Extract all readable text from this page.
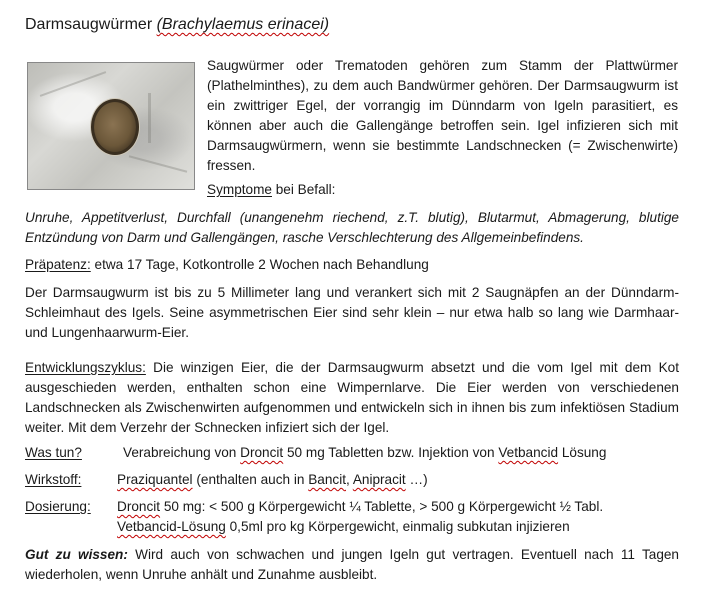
Darmsaugwürmer (Brachylaemus erinacei)
Saugwürmer oder Trematoden gehören zum Stamm der Plattwürmer (Plathelminthes), zu dem auch Bandwürmer gehören. Der Darmsaugwurm ist ein zwittriger Egel, der vorrangig im Dünndarm von Igeln parasitiert, es können aber auch die Gallengänge betroffen sein. Igel infizieren sich mit Darmsaugwürmern, wenn sie bestimmte Landschnecken (= Zwischenwirte) fressen.
Symptome bei Befall:
Unruhe, Appetitverlust, Durchfall (unangenehm riechend, z.T. blutig), Blutarmut, Abmagerung, blutige Entzündung von Darm und Gallengängen, rasche Verschlechterung des Allgemeinbefindens.
Präpatenz: etwa 17 Tage, Kotkontrolle 2 Wochen nach Behandlung
Der Darmsaugwurm ist bis zu 5 Millimeter lang und verankert sich mit 2 Saugnäpfen an der Dünndarm-Schleimhaut des Igels. Seine asymmetrischen Eier sind sehr klein – nur etwa halb so lang wie Darmhaar- und Lungenhaarwurm-Eier.
Entwicklungszyklus: Die winzigen Eier, die der Darmsaugwurm absetzt und die vom Igel mit dem Kot ausgeschieden werden, enthalten schon eine Wimpernlarve. Die Eier werden von verschiedenen Landschnecken als Zwischenwirten aufgenommen und entwickeln sich in ihnen bis zum infektiösen Stadium weiter. Mit dem Verzehr der Schnecken infiziert sich der Igel.
Was tun?	Verabreichung von Droncit 50 mg Tabletten bzw. Injektion von Vetbancid Lösung
Wirkstoff:	Praziquantel (enthalten auch in Bancit, Anipracit …)
Dosierung: Droncit 50 mg: < 500 g Körpergewicht ¼ Tablette, > 500 g Körpergewicht ½ Tabl.
Vetbancid-Lösung 0,5ml pro kg Körpergewicht, einmalig subkutan injizieren
Gut zu wissen: Wird auch von schwachen und jungen Igeln gut vertragen. Eventuell nach 11 Tagen wiederholen, wenn Unruhe anhält und Zunahme ausbleibt.
